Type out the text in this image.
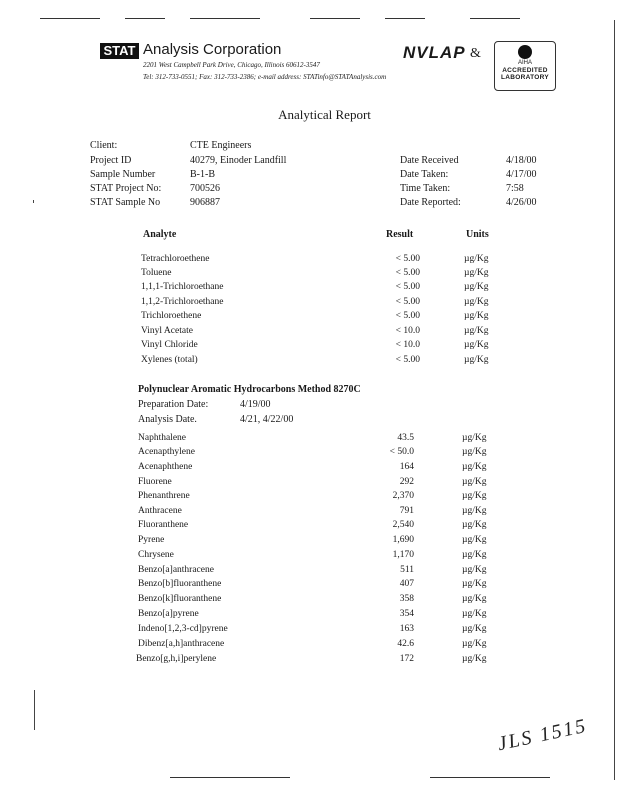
STAT Analysis Corporation
2201 West Campbell Park Drive, Chicago, Illinois 60612-3547
Tel: 312-733-0551; Fax: 312-733-2386; e-mail address: STATinfo@STATAnalysis.com
NVLAP &
AIHA
ACCREDITED
LABORATORY
Analytical Report
Client:	CTE Engineers
Project ID	40279, Einoder Landfill
Sample Number	B-1-B
STAT Project No:	700526
STAT Sample No	906887
Date Received	4/18/00
Date Taken:	4/17/00
Time Taken:	7:58
Date Reported:	4/26/00
Analyte	Result	Units
Tetrachloroethene	< 5.00	µg/Kg
Toluene	< 5.00	µg/Kg
1,1,1-Trichloroethane	< 5.00	µg/Kg
1,1,2-Trichloroethane	< 5.00	µg/Kg
Trichloroethene	< 5.00	µg/Kg
Vinyl Acetate	< 10.0	µg/Kg
Vinyl Chloride	< 10.0	µg/Kg
Xylenes (total)	< 5.00	µg/Kg
Polynuclear Aromatic Hydrocarbons Method 8270C
Preparation Date:	4/19/00
Analysis Date.	4/21, 4/22/00
Naphthalene	43.5	µg/Kg
Acenapthylene	< 50.0	µg/Kg
Acenaphthene	164	µg/Kg
Fluorene	292	µg/Kg
Phenanthrene	2,370	µg/Kg
Anthracene	791	µg/Kg
Fluoranthene	2,540	µg/Kg
Pyrene	1,690	µg/Kg
Chrysene	1,170	µg/Kg
Benzo[a]anthracene	511	µg/Kg
Benzo[b]fluoranthene	407	µg/Kg
Benzo[k]fluoranthene	358	µg/Kg
Benzo[a]pyrene	354	µg/Kg
Indeno[1,2,3-cd]pyrene	163	µg/Kg
Dibenz[a,h]anthracene	42.6	µg/Kg
Benzo[g,h,i]perylene	172	µg/Kg
JLS 1515
